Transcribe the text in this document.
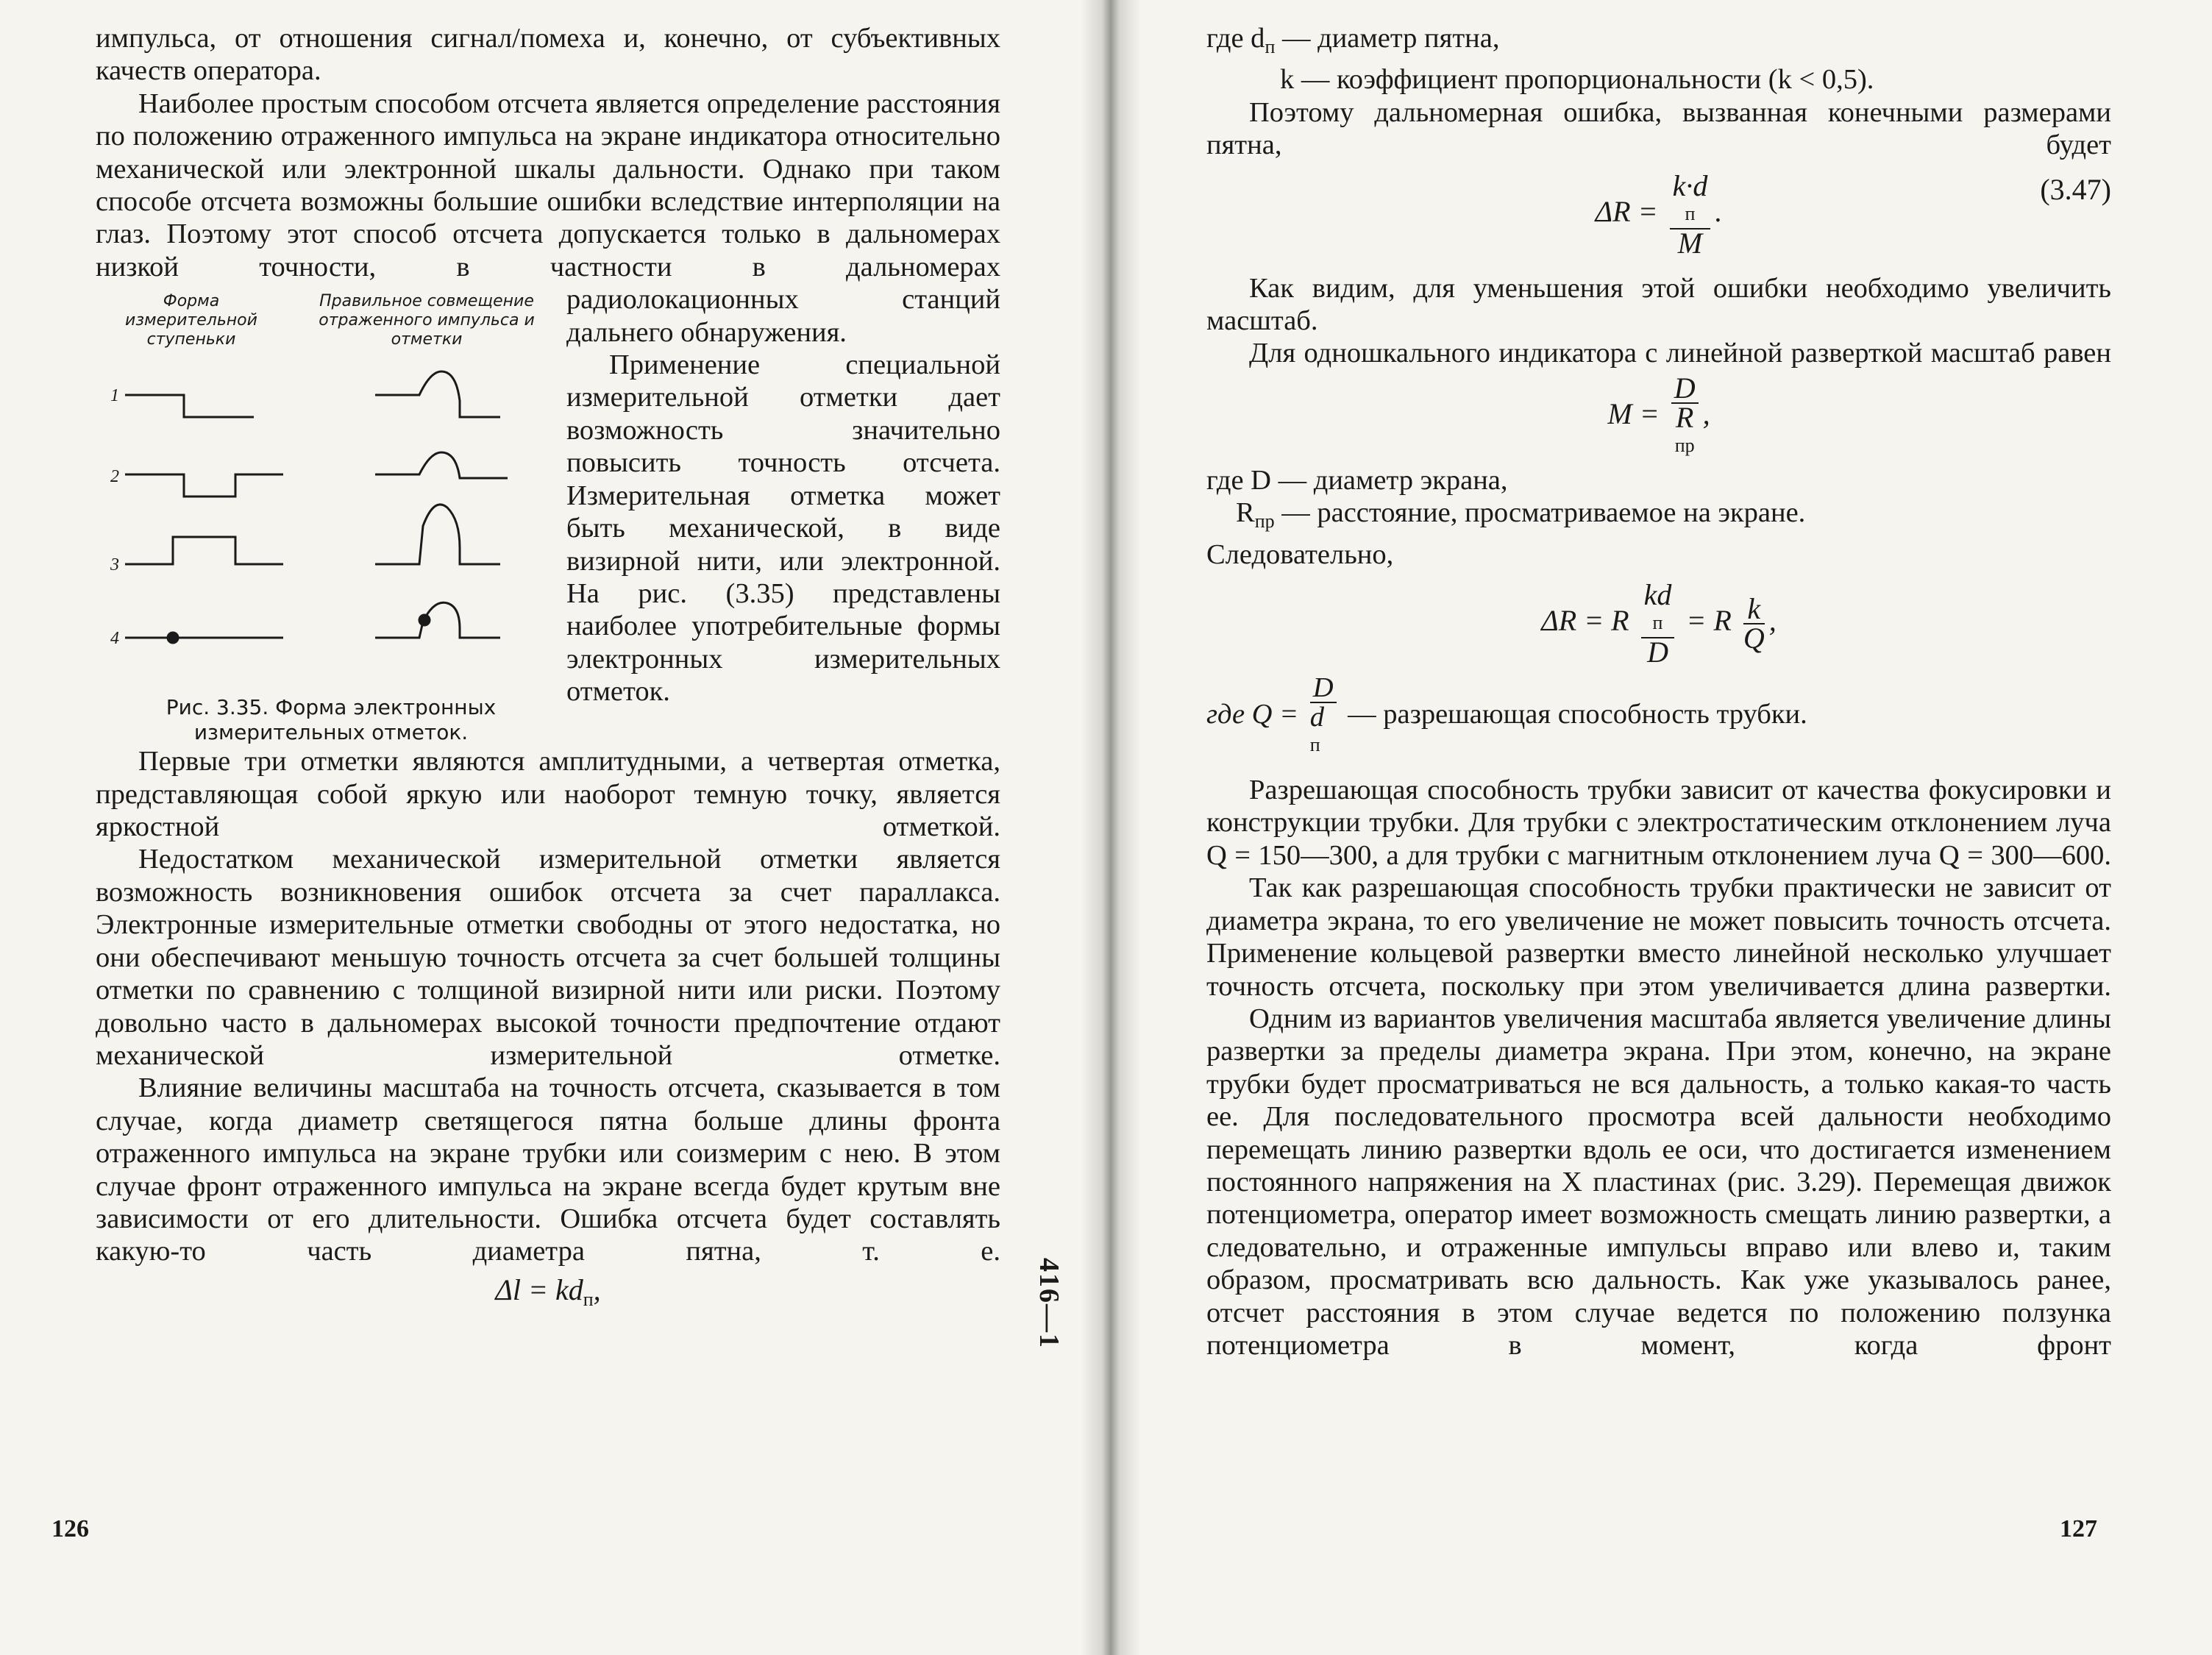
импульса, от отношения сигнал/помеха и, конечно, от субъективных качеств оператора.

Наиболее простым способом отсчета является определение расстояния по положению отраженного импульса на экране индикатора относительно механической или электронной шкалы дальности. Однако при таком способе отсчета возможны большие ошибки вследствие интерполяции на глаз. Поэтому этот способ отсчета допускается только в дальномерах низкой точности, в частности в дальномерах

Форма измерительной ступеньки
Правильное совмещение отраженного импульса и отметки
1
2
3
4
Рис. 3.35. Форма электронных измерительных отметок.

радиолокационных станций дальнего обнаружения.

Применение специальной измерительной отметки дает возможность значительно повысить точность отсчета. Измерительная отметка может быть механической, в виде визирной нити, или электронной. На рис. (3.35) представлены наиболее употребительные формы электронных измерительных отметок.

Первые три отметки являются амплитудными, а четвертая отметка, представляющая собой яркую или наоборот темную точку, является яркостной отметкой.

Недостатком механической измерительной отметки является возможность возникновения ошибок отсчета за счет параллакса. Электронные измерительные отметки свободны от этого недостатка, но они обеспечивают меньшую точность отсчета за счет большей толщины отметки по сравнению с толщиной визирной нити или риски. Поэтому довольно часто в дальномерах высокой точности предпочтение отдают механической измерительной отметке.

Влияние величины масштаба на точность отсчета, сказывается в том случае, когда диаметр светящегося пятна больше длины фронта отраженного импульса на экране трубки или соизмерим с нею. В этом случае фронт отраженного импульса на экране всегда будет крутым вне зависимости от его длительности. Ошибка отсчета будет составлять какую-то часть диаметра пятна, т. е.

$\Delta l = kd_п$,
126
416—1

где $d_п$ — диаметр пятна,

k — коэффициент пропорциональности (k < 0,5).

Поэтому дальномерная ошибка, вызванная конечными размерами пятна, будет

ΔR = k·d
п
M .
(3.47)

Как видим, для уменьшения этой ошибки необходимо увеличить масштаб.

Для одношкального индикатора с линейной разверткой масштаб равен

M = D
R
пр ,

где D — диаметр экрана,

$R_{пр}$ — расстояние, просматриваемое на экране.

Следовательно,

ΔR = R kd
п
D = R $\frac{k}{Q}$ ,

где Q = D
d
п — разрешающая способность трубки.

Разрешающая способность трубки зависит от качества фокусировки и конструкции трубки. Для трубки с электростатическим отклонением луча Q = 150—300, а для трубки с магнитным отклонением луча Q = 300—600.

Так как разрешающая способность трубки практически не зависит от диаметра экрана, то его увеличение не может повысить точность отсчета. Применение кольцевой развертки вместо линейной несколько улучшает точность отсчета, поскольку при этом увеличивается длина развертки.

Одним из вариантов увеличения масштаба является увеличение длины развертки за пределы диаметра экрана. При этом, конечно, на экране трубки будет просматриваться не вся дальность, а только какая-то часть ее. Для последовательного просмотра всей дальности необходимо перемещать линию развертки вдоль ее оси, что достигается изменением постоянного напряжения на X пластинах (рис. 3.29). Перемещая движок потенциометра, оператор имеет возможность смещать линию развертки, а следовательно, и отраженные импульсы вправо или влево и, таким образом, просматривать всю дальность. Как уже указывалось ранее, отсчет расстояния в этом случае ведется по положению ползунка потенциометра в момент, когда фронт

127
